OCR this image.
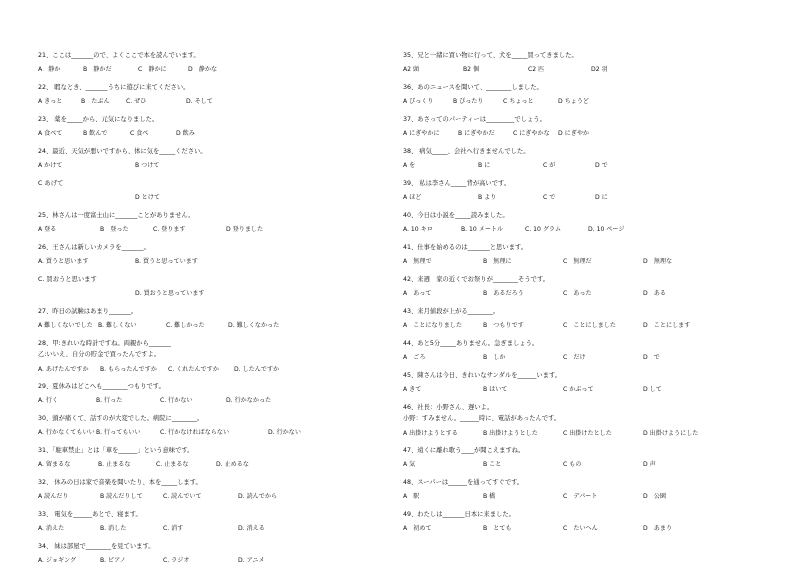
21、ここは_______ので、よくここで本を読んでいます。
A　静か	B　静かだ	C　静かに	D　静かな
22、 暇なとき、_______うちに遊びに来てください。
A きっと	B　たぶん	C. ぜひ	D. そして
23、 薬を_____から、元気になりました。
A 食べて	B 飲んで	C 食べ	D 飲み
24、最近、天気が悪いですから、体に気を_____ください。
A かけて	B つけて
C あげて
D とけて
25、林さんは一度富士山に_______ことがありません。
A 登る	B　登った	C. 登ります	D 登りました
26、王さんは新しいカメラを_______。
A. 買うと思います	B. 買うと思っています
C. 買おうと思います
D. 買おうと思っています
27、昨日の試験はあまり_______。
A 難しくないでした B. 難しくない	C. 難しかった	D. 難しくなかった
28、甲:きれいな時計ですね。両親から_______
乙:いいえ、自分の貯金で買ったんですよ。
A. あげたんですか B. もらったんですか C. くれたんですか D. したんですか
29、夏休みはどこへも________つもりです。
A. 行く	B. 行った	C. 行かない	D. 行かなかった
30、頭が痛くて、話すのが大変でした。病院に________。
A. 行かなくてもいい B. 行ってもいい	C. 行かなければならない	D. 行かない
31、「駐車禁止」とは「車を______」という意味です。
A. 留まるな	B. 止まるな	C. 止まるな	D. 止めるな
32、 休みの日は家で音楽を聞いたり、本を_____します。
A 読んだり	B 読んだりして	C. 読んでいて	D. 読んでから
33、 電気を______あとで、寝ます。
A. 消えた	B. 消した	C. 消す	D. 消える
34、 妹は部屋で________を見ています。
A. ジョギング	B. ピアノ	C. ラジオ	D. アニメ
35、兄と一緒に買い物に行って、犬を_____買ってきました。
A2 頭	B2 個	C2 匹	D2 羽
36、あのニュースを聞いて、________しました。
A びっくり	B ぴったり	C ちょっと	D ちょうど
37、あさってのパーティーは_________でしょう。
A にぎやかに	B にぎやかだ	C にぎやかな D にぎやか
38、 病気_____、会社へ行きませんでした。
A を	B に	C が	D で
39、 私は李さん_____背が高いです。
A ほど	B より	C で	D に
40、今日は小説を_____読みました。
A. 10 キロ	B. 10 メートル	C. 10 グラム	D. 10 ページ
41、仕事を始めるのは_______と思います。
A　無理で	B　無理に	C　無理だ	D　無理な
42、来週　家の近くでお祭りが________そうです。
A　あって	B　あるだろう	C　あった	D　ある
43、来月値段が上がる________。
A　ことになりました	B　つもりです	C　ことにしました	D　ことにします
44、あと5分_____ありません。急ぎましょう。
A　ごろ	B　しか	C　だけ	D　で
45、陳さんは今日、きれいなサンダルを______います。
A きて	B はいて	C かぶって	D して
46、社長：小野さん、遅いよ。
小野：すみません。______時に、電話があったんです。
A 出掛けようとする	B 出掛けようとした	C 出掛けたとした	D 出掛けようにした
47、遠くに離れ歌う____が聞こえますね。
A 気	B こと	C もの	D 声
48、スーパーは______を通ってすぐです。
A　駅	B 橋	C　デパート	D　公園
49、わたしは_______日本に来ました。
A　初めて	B　とても	C　たいへん	D　あまり
